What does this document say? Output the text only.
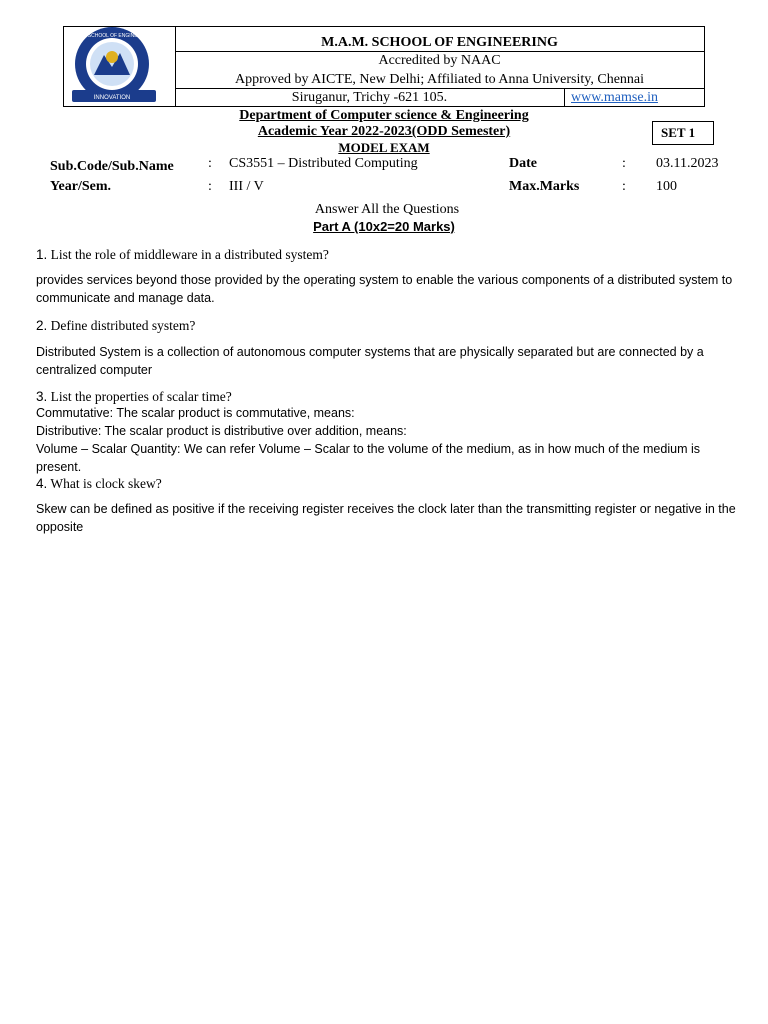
INNOVATION
M.A.M. SCHOOL OF ENGINEERING	M.A.M. SCHOOL OF ENGINEERING
Accredited by NAAC
Approved by AICTE, New Delhi; Affiliated to Anna University, Chennai
Siruganur, Trichy -621 105.	www.mamse.in
Department of Computer science & Engineering
Academic Year 2022-2023(ODD Semester)
MODEL EXAM
SET 1
Sub.Code/Sub.Name : CS3551 – Distributed Computing	Date	: 03.11.2023
Year/Sem.	: III / V	Max.Marks	: 100
Answer All the Questions
Part A (10x2=20 Marks)
1. List the role of middleware in a distributed system?
provides services beyond those provided by the operating system to enable the various components of a distributed system to communicate and manage data.
2. Define distributed system?
Distributed System is a collection of autonomous computer systems that are physically separated but are connected by a centralized computer
3. List the properties of scalar time?
Commutative: The scalar product is commutative, means:
Distributive: The scalar product is distributive over addition, means:
Volume – Scalar Quantity: We can refer Volume – Scalar to the volume of the medium, as in how much of the medium is present.
4. What is clock skew?
Skew can be defined as positive if the receiving register receives the clock later than the transmitting register or negative in the opposite
